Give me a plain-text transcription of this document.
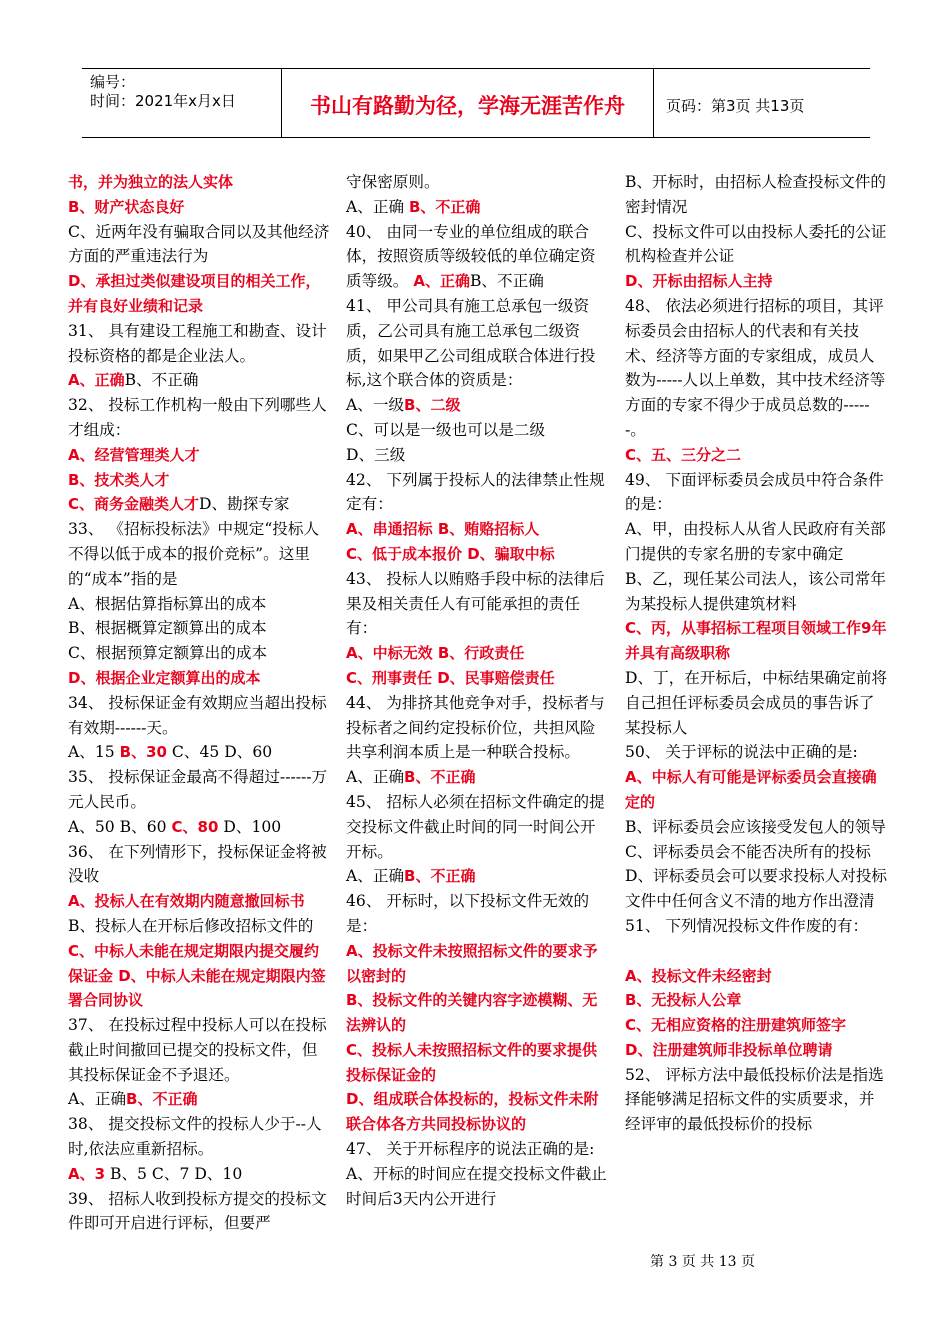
编号：
时间：2021年x月x日	书山有路勤为径，学海无涯苦作舟	页码：第3页 共13页

书，并为独立的法人实体

B、财产状态良好

C、近两年没有骗取合同以及其他经济方面的严重违法行为

D、承担过类似建设项目的相关工作，并有良好业绩和记录

31、 具有建设工程施工和勘查、设计投标资格的都是企业法人。

A、正确B、不正确

32、 投标工作机构一般由下列哪些人才组成：

A、经营管理类人才

B、技术类人才

C、商务金融类人才D、勘探专家

33、 《招标投标法》中规定“投标人不得以低于成本的报价竞标”。这里的“成本”指的是

A、根据估算指标算出的成本

B、根据概算定额算出的成本

C、根据预算定额算出的成本

D、根据企业定额算出的成本

34、 投标保证金有效期应当超出投标有效期------天。

A、15 B、30 C、45 D、60

35、 投标保证金最高不得超过------万元人民币。

A、50 B、60 C、80 D、100

36、 在下列情形下，投标保证金将被没收

A、投标人在有效期内随意撤回标书B、投标人在开标后修改招标文件的C、中标人未能在规定期限内提交履约保证金 D、中标人未能在规定期限内签署合同协议

37、 在投标过程中投标人可以在投标截止时间撤回已提交的投标文件，但其投标保证金不予退还。

A、正确B、不正确

38、 提交投标文件的投标人少于--人时,依法应重新招标。

A、3 B、5 C、7 D、10

39、 招标人收到投标方提交的投标文件即可开启进行评标，但要严

守保密原则。

A、正确 B、不正确

40、 由同一专业的单位组成的联合体，按照资质等级较低的单位确定资质等级。 A、正确B、不正确

41、 甲公司具有施工总承包一级资质，乙公司具有施工总承包二级资质，如果甲乙公司组成联合体进行投标,这个联合体的资质是：

A、一级B、二级

C、可以是一级也可以是二级

D、三级

42、 下列属于投标人的法律禁止性规定有：

A、串通招标 B、贿赂招标人

C、低于成本报价 D、骗取中标

43、 投标人以贿赂手段中标的法律后果及相关责任人有可能承担的责任有：

A、中标无效 B、行政责任

C、刑事责任 D、民事赔偿责任

44、 为排挤其他竞争对手，投标者与投标者之间约定投标价位，共担风险共享利润本质上是一种联合投标。 A、正确B、不正确

45、 招标人必须在招标文件确定的提交投标文件截止时间的同一时间公开开标。

A、正确B、不正确

46、 开标时，以下投标文件无效的是：

A、投标文件未按照招标文件的要求予以密封的

B、投标文件的关键内容字迹模糊、无法辨认的

C、投标人未按照招标文件的要求提供投标保证金的

D、组成联合体投标的，投标文件未附联合体各方共同投标协议的

47、 关于开标程序的说法正确的是:

A、开标的时间应在提交投标文件截止时间后3天内公开进行

B、开标时，由招标人检查投标文件的密封情况

C、投标文件可以由投标人委托的公证机构检查并公证

D、开标由招标人主持

48、 依法必须进行招标的项目，其评标委员会由招标人的代表和有关技术、经济等方面的专家组成，成员人数为-----人以上单数，其中技术经济等方面的专家不得少于成员总数的------。

C、五、三分之二

49、 下面评标委员会成员中符合条件的是：

A、甲，由投标人从省人民政府有关部门提供的专家名册的专家中确定

B、乙，现任某公司法人，该公司常年为某投标人提供建筑材料

C、丙，从事招标工程项目领域工作9年并具有高级职称

D、丁，在开标后，中标结果确定前将自己担任评标委员会成员的事告诉了某投标人

50、 关于评标的说法中正确的是:

A、中标人有可能是评标委员会直接确定的

B、评标委员会应该接受发包人的领导

C、评标委员会不能否决所有的投标

D、评标委员会可以要求投标人对投标文件中任何含义不清的地方作出澄清

51、 下列情况投标文件作废的有：

A、投标文件未经密封

B、无投标人公章

C、无相应资格的注册建筑师签字

D、注册建筑师非投标单位聘请

52、 评标方法中最低投标价法是指选择能够满足招标文件的实质要求，并经评审的最低投标价的投标

第 3 页 共 13 页
